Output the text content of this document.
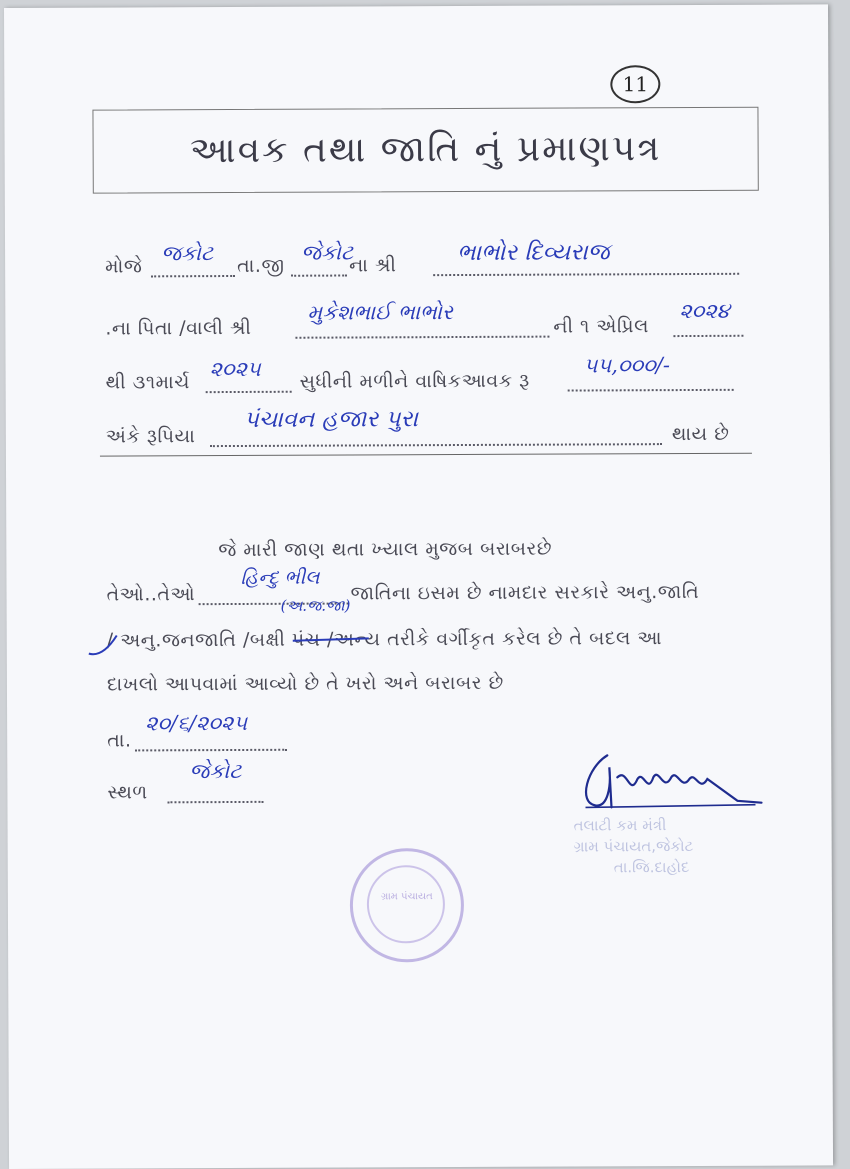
11
આવક તથા જાતિ નું પ્રમાણપત્ર
મોજે
જકોટ
તા.જી
જેકોટ
ના શ્રી	ભાભોર દિવ્યરાજ
.ના પિતા /વાલી શ્રી
મુકેશભાઈ ભાભોર
ની ૧ એપ્રિલ
૨૦૨૪
થી ૩૧માર્ચ
૨૦૨૫
સુધીની મળીને વાષિકઆવક રૂ
૫૫,૦૦૦/-
અંકે રૂપિયા
પંચાવન હજાર પુરા
થાય છે
જે મારી જાણ થતા ખ્યાલ મુજબ બરાબરછે
તેઓ..તેઓ
હિન્દુ ભીલ
(અ.જ.જા)
જાતિના ઇસમ છે નામદાર સરકારે અનુ.જાતિ
/ અનુ.જનજાતિ /બક્ષી પંચ /અન્ય તરીકે વર્ગીકૃત કરેલ છે તે બદલ આ
દાખલો આપવામાં આવ્યો છે તે ખરો અને બરાબર છે
તા.
૨૦/૬/૨૦૨૫
સ્થળ
જેકોટ
તલાટી કમ મંત્રી
ગ્રામ પંચાયત,જેકોટ
તા.જિ.દાહોદ
ગ્રામ પંચાયત
